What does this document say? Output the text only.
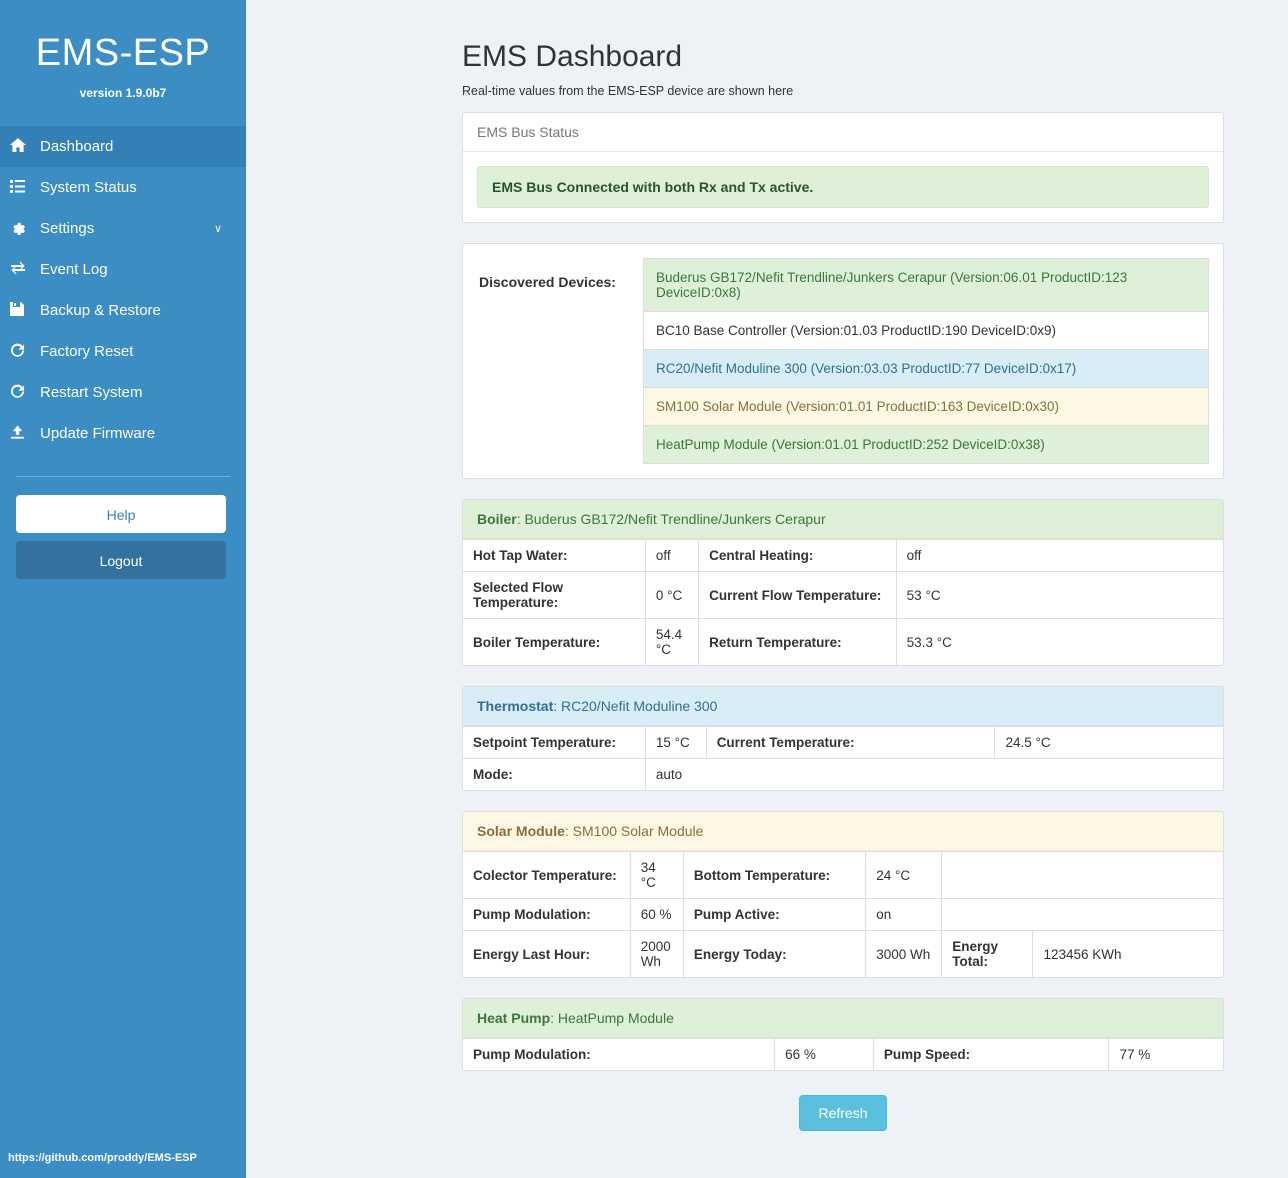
EMS-ESP
version 1.9.0b7
Dashboard
System Status
Settings	∨
Event Log
Backup & Restore
Factory Reset
Restart System
Update Firmware
Help
Logout
https://github.com/proddy/EMS-ESP
EMS Dashboard
Real-time values from the EMS-ESP device are shown here
EMS Bus Status
EMS Bus Connected with both Rx and Tx active.
Discovered Devices:	Buderus GB172/Nefit Trendline/Junkers Cerapur (Version:06.01 ProductID:123 DeviceID:0x8)
BC10 Base Controller (Version:01.03 ProductID:190 DeviceID:0x9)
RC20/Nefit Moduline 300 (Version:03.03 ProductID:77 DeviceID:0x17)
SM100 Solar Module (Version:01.01 ProductID:163 DeviceID:0x30)
HeatPump Module (Version:01.01 ProductID:252 DeviceID:0x38)
Boiler: Buderus GB172/Nefit Trendline/Junkers Cerapur
Hot Tap Water:	off	Central Heating:	off
Selected Flow Temperature:	0 °C	Current Flow Temperature:	53 °C
Boiler Temperature:	54.4 °C	Return Temperature:	53.3 °C
Thermostat: RC20/Nefit Moduline 300
Setpoint Temperature:	15 °C	Current Temperature:	24.5 °C
Mode:	auto		
Solar Module: SM100 Solar Module
Colector Temperature:	34 °C	Bottom Temperature:	24 °C		
Pump Modulation:	60 %	Pump Active:	on		
Energy Last Hour:	2000 Wh	Energy Today:	3000 Wh	Energy Total:	123456 KWh
Heat Pump: HeatPump Module
Pump Modulation:	66 %	Pump Speed:	77 %
Refresh
